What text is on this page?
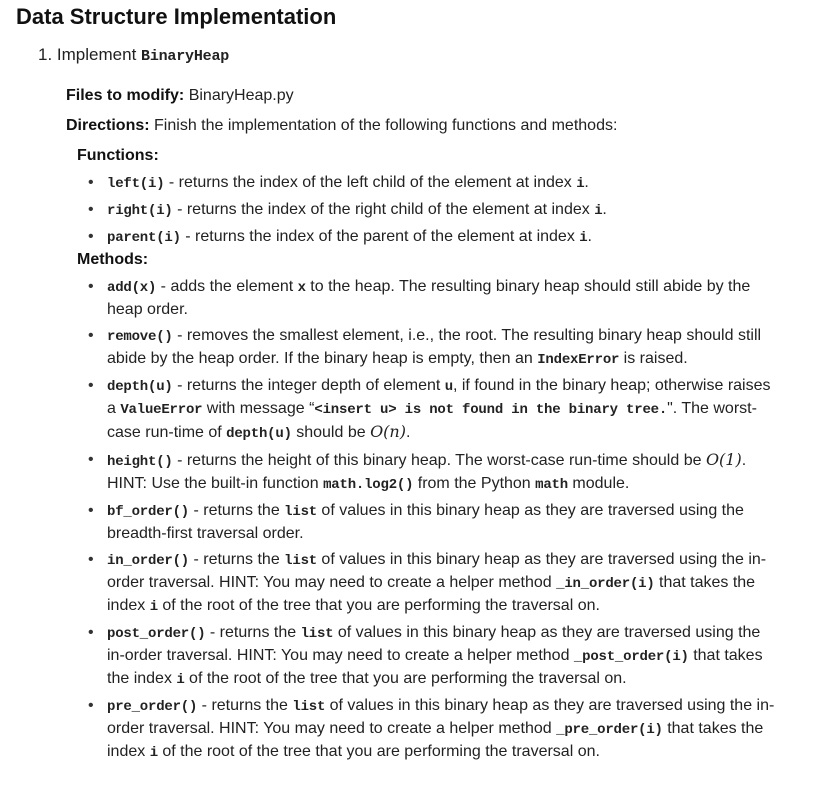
Data Structure Implementation
1. Implement BinaryHeap
Files to modify: BinaryHeap.py
Directions: Finish the implementation of the following functions and methods:
Functions:
• left(i) - returns the index of the left child of the element at index i.
• right(i) - returns the index of the right child of the element at index i.
• parent(i) - returns the index of the parent of the element at index i.
Methods:
• add(x) - adds the element x to the heap. The resulting binary heap should still abide by the heap order.
• remove() - removes the smallest element, i.e., the root. The resulting binary heap should still abide by the heap order. If the binary heap is empty, then an IndexError is raised.
• depth(u) - returns the integer depth of element u, if found in the binary heap; otherwise raises a ValueError with message “<insert u> is not found in the binary tree.". The worst-case run-time of depth(u) should be O(n).
• height() - returns the height of this binary heap. The worst-case run-time should be O(1). HINT: Use the built-in function math.log2() from the Python math module.
• bf_order() - returns the list of values in this binary heap as they are traversed using the breadth-first traversal order.
• in_order() - returns the list of values in this binary heap as they are traversed using the in-order traversal. HINT: You may need to create a helper method _in_order(i) that takes the index i of the root of the tree that you are performing the traversal on.
• post_order() - returns the list of values in this binary heap as they are traversed using the in-order traversal. HINT: You may need to create a helper method _post_order(i) that takes the index i of the root of the tree that you are performing the traversal on.
• pre_order() - returns the list of values in this binary heap as they are traversed using the in-order traversal. HINT: You may need to create a helper method _pre_order(i) that takes the index i of the root of the tree that you are performing the traversal on.
